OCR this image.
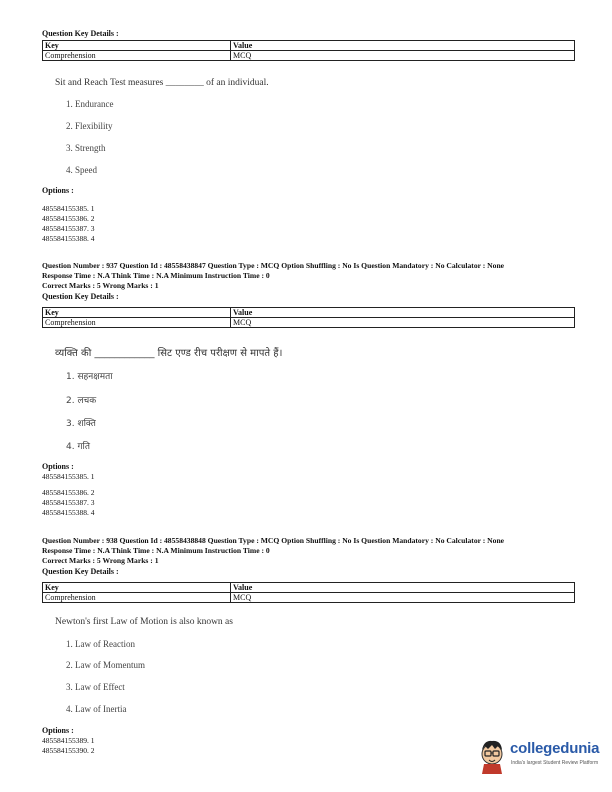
Question Key Details :
Key	Value
Comprehension	MCQ
Sit and Reach Test measures ________ of an individual.
1. Endurance
2. Flexibility
3. Strength
4. Speed
Options :
485584155385. 1
485584155386. 2
485584155387. 3
485584155388. 4
Question Number : 937 Question Id : 48558438847 Question Type : MCQ Option Shuffling : No Is Question Mandatory : No Calculator : None
Response Time : N.A Think Time : N.A Minimum Instruction Time : 0
Correct Marks : 5 Wrong Marks : 1
Question Key Details :
Key	Value
Comprehension	MCQ
व्यक्ति की ____________ सिट एण्ड रीच परीक्षण से मापते हैं।
1. सहनक्षमता
2. लचक
3. शक्ति
4. गति
Options :
485584155385. 1
485584155386. 2
485584155387. 3
485584155388. 4
Question Number : 938 Question Id : 48558438848 Question Type : MCQ Option Shuffling : No Is Question Mandatory : No Calculator : None
Response Time : N.A Think Time : N.A Minimum Instruction Time : 0
Correct Marks : 5 Wrong Marks : 1
Question Key Details :
Key	Value
Comprehension	MCQ
Newton's first Law of Motion is also known as
1. Law of Reaction
2. Law of Momentum
3. Law of Effect
4. Law of Inertia
Options :
485584155389. 1
485584155390. 2	collegedunia
India's largest Student Review Platform
